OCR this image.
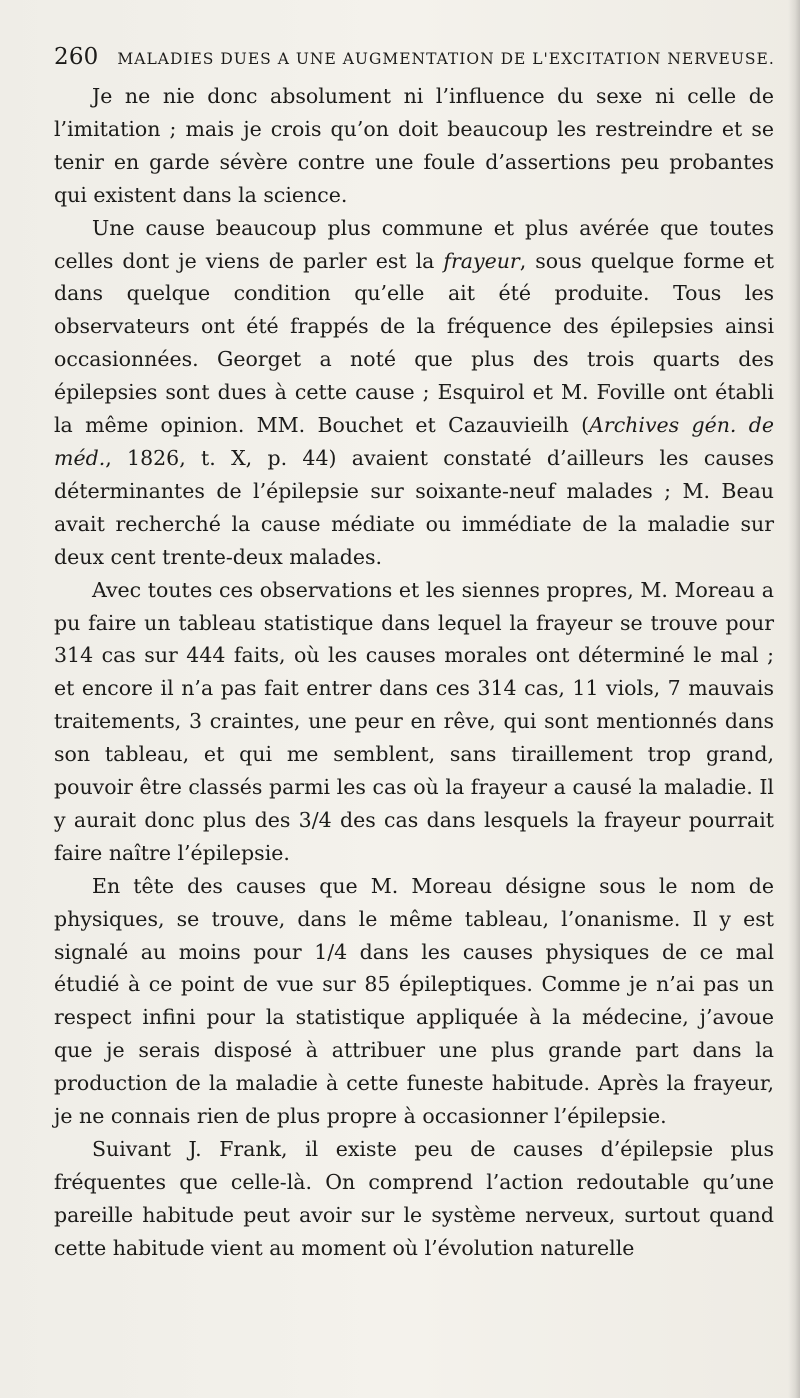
260 MALADIES DUES A UNE AUGMENTATION DE L'EXCITATION NERVEUSE.

Je ne nie donc absolument ni l’influence du sexe ni celle de l’imitation ; mais je crois qu’on doit beaucoup les restreindre et se tenir en garde sévère contre une foule d’assertions peu probantes qui existent dans la science.

Une cause beaucoup plus commune et plus avérée que toutes celles dont je viens de parler est la frayeur, sous quelque forme et dans quelque condition qu’elle ait été produite. Tous les observateurs ont été frappés de la fréquence des épilepsies ainsi occasionnées. Georget a noté que plus des trois quarts des épilepsies sont dues à cette cause ; Esquirol et M. Foville ont établi la même opinion. MM. Bouchet et Cazauvieilh (Archives gén. de méd., 1826, t. X, p. 44) avaient constaté d’ailleurs les causes déterminantes de l’épilepsie sur soixante-neuf malades ; M. Beau avait recherché la cause médiate ou immédiate de la maladie sur deux cent trente-deux malades.

Avec toutes ces observations et les siennes propres, M. Moreau a pu faire un tableau statistique dans lequel la frayeur se trouve pour 314 cas sur 444 faits, où les causes morales ont déterminé le mal ; et encore il n’a pas fait entrer dans ces 314 cas, 11 viols, 7 mauvais traitements, 3 craintes, une peur en rêve, qui sont mentionnés dans son tableau, et qui me semblent, sans tiraillement trop grand, pouvoir être classés parmi les cas où la frayeur a causé la maladie. Il y aurait donc plus des 3/4 des cas dans lesquels la frayeur pourrait faire naître l’épilepsie.

En tête des causes que M. Moreau désigne sous le nom de physiques, se trouve, dans le même tableau, l’onanisme. Il y est signalé au moins pour 1/4 dans les causes physiques de ce mal étudié à ce point de vue sur 85 épileptiques. Comme je n’ai pas un respect infini pour la statistique appliquée à la médecine, j’avoue que je serais disposé à attribuer une plus grande part dans la production de la maladie à cette funeste habitude. Après la frayeur, je ne connais rien de plus propre à occasionner l’épilepsie.

Suivant J. Frank, il existe peu de causes d’épilepsie plus fréquentes que celle-là. On comprend l’action redoutable qu’une pareille habitude peut avoir sur le système nerveux, surtout quand cette habitude vient au moment où l’évolution naturelle
